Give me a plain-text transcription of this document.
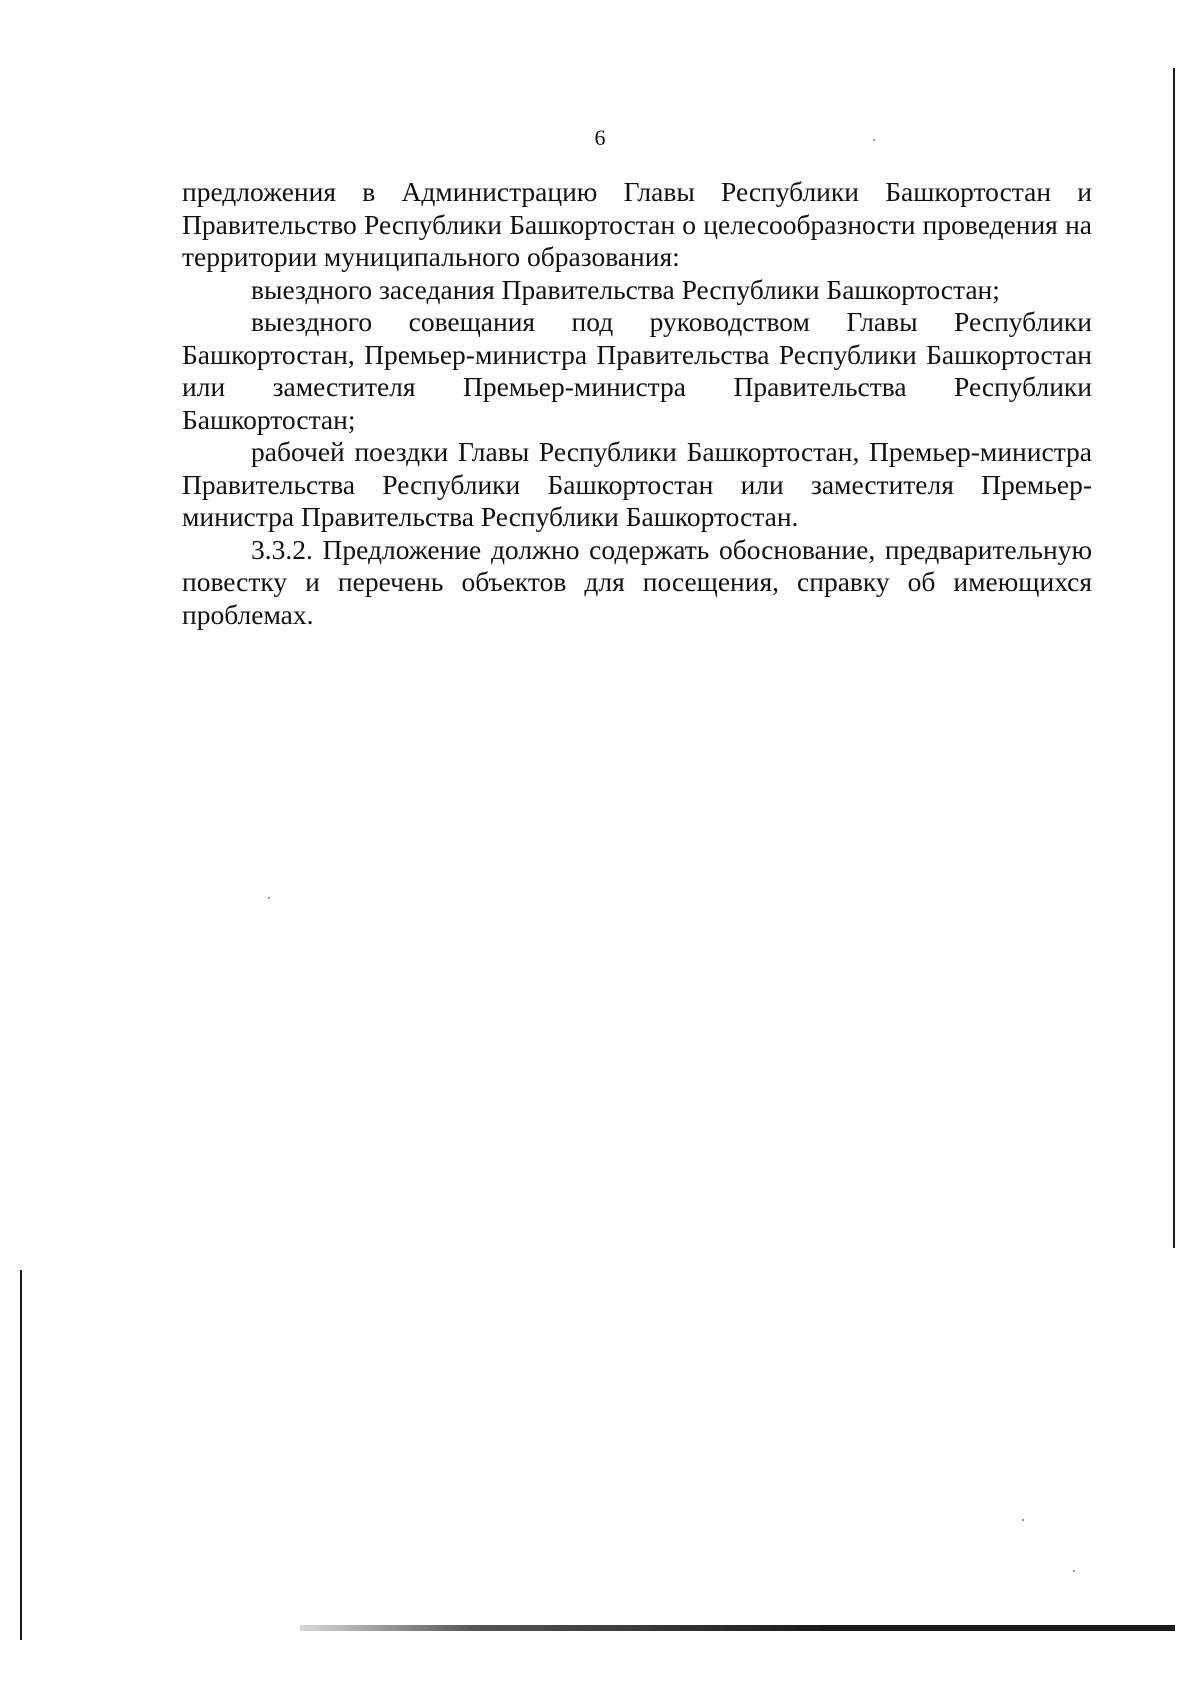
6

предложения в Администрацию Главы Республики Башкортостан и Правительство Республики Башкортостан о целесообразности проведения на территории муниципального образования:

выездного заседания Правительства Республики Башкортостан;

выездного совещания под руководством Главы Республики Башкортостан, Премьер-министра Правительства Республики Башкортостан или заместителя Премьер-министра Правительства Республики Башкортостан;

рабочей поездки Главы Республики Башкортостан, Премьер-министра Правительства Республики Башкортостан или заместителя Премьер-министра Правительства Республики Башкортостан.

3.3.2. Предложение должно содержать обоснование, предварительную повестку и перечень объектов для посещения, справку об имеющихся проблемах.
